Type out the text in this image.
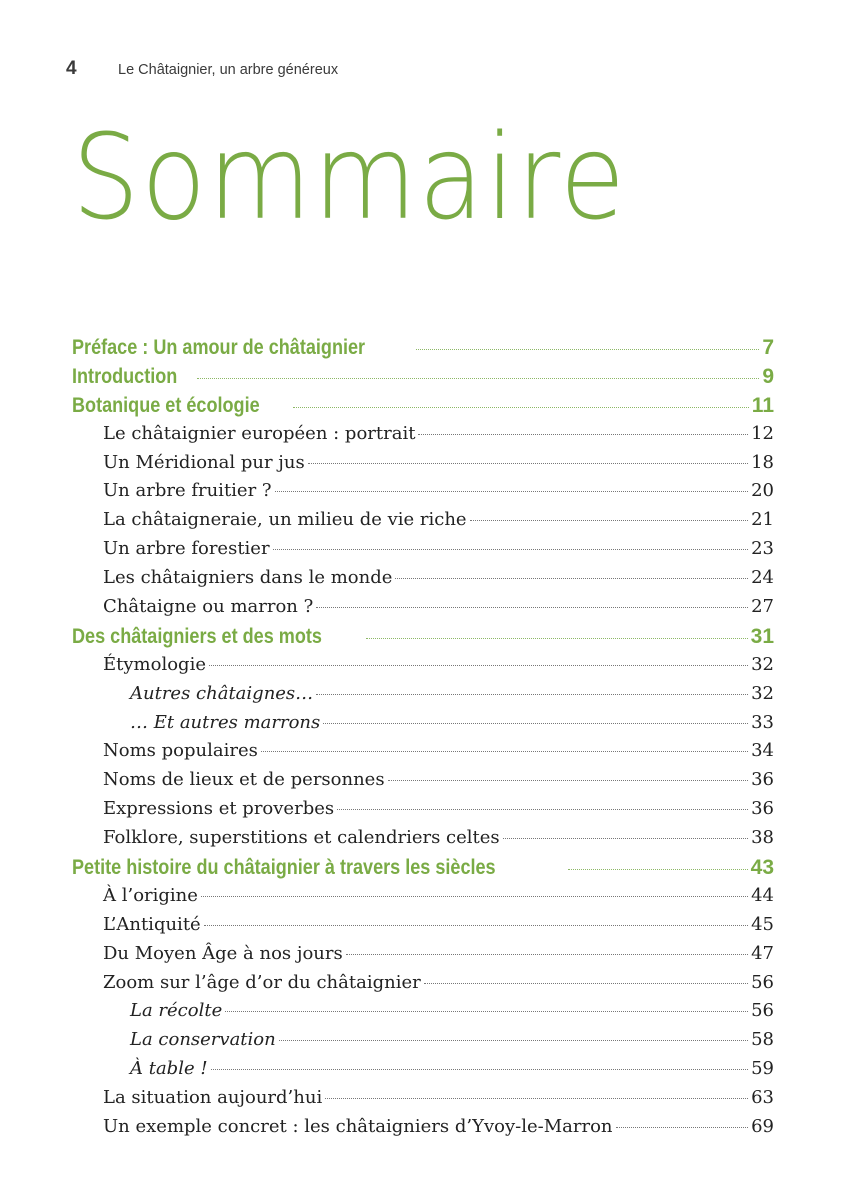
4	Le Châtaignier, un arbre généreux
Sommaire
Préface : Un amour de châtaignier	7
Introduction	9
Botanique et écologie	11
Le châtaignier européen : portrait	12
Un Méridional pur jus	18
Un arbre fruitier ?	20
La châtaigneraie, un milieu de vie riche	21
Un arbre forestier	23
Les châtaigniers dans le monde	24
Châtaigne ou marron ?	27
Des châtaigniers et des mots	31
Étymologie	32
Autres châtaignes…	32
… Et autres marrons	33
Noms populaires	34
Noms de lieux et de personnes	36
Expressions et proverbes	36
Folklore, superstitions et calendriers celtes	38
Petite histoire du châtaignier à travers les siècles	43
À l’origine	44
L’Antiquité	45
Du Moyen Âge à nos jours	47
Zoom sur l’âge d’or du châtaignier	56
La récolte	56
La conservation	58
À table !	59
La situation aujourd’hui	63
Un exemple concret : les châtaigniers d’Yvoy-le-Marron	69
